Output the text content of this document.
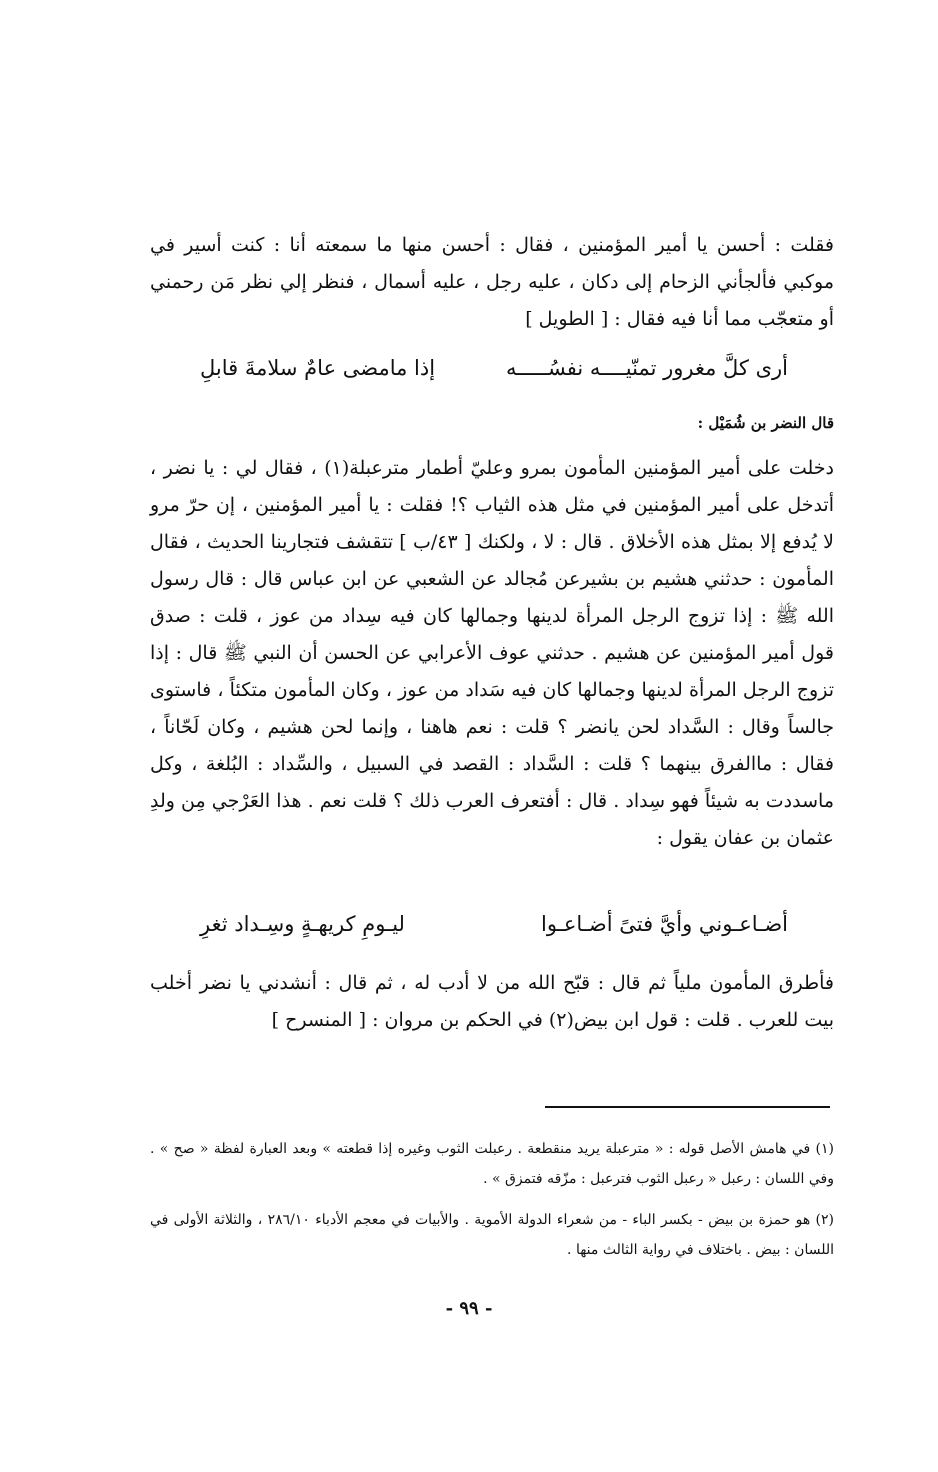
فقلت : أحسن يا أمير المؤمنين ، فقال : أحسن منها ما سمعته أنا : كنت أسير في موكبي فألجأني الزحام إلى دكان ، عليه رجل ، عليه أسمال ، فنظر إلي نظر مَن رحمني أو متعجّب مما أنا فيه فقال : [ الطويل ]
أرى كلَّ مغرور تمنّيــــه نفسُـــــه
إذا مامضى عامٌ سلامةَ قابلِ
قال النضر بن شُمَيْل :
دخلت على أمير المؤمنين المأمون بمرو وعليّ أطمار مترعبلة(١) ، فقال لي : يا نضر ، أتدخل على أمير المؤمنين في مثل هذه الثياب ؟! فقلت : يا أمير المؤمنين ، إن حرّ مرو لا يُدفع إلا بمثل هذه الأخلاق . قال : لا ، ولكنك [ ٤٣/ب ] تتقشف فتجارينا الحديث ، فقال المأمون : حدثني هشيم بن بشيرعن مُجالد عن الشعبي عن ابن عباس قال : قال رسول الله ﷺ : إذا تزوج الرجل المرأة لدينها وجمالها كان فيه سِداد من عوز ، قلت : صدق قول أمير المؤمنين عن هشيم . حدثني عوف الأعرابي عن الحسن أن النبي ﷺ قال : إذا تزوج الرجل المرأة لدينها وجمالها كان فيه سَداد من عوز ، وكان المأمون متكئاً ، فاستوى جالساً وقال : السَّداد لحن يانضر ؟ قلت : نعم هاهنا ، وإنما لحن هشيم ، وكان لَحّاناً ، فقال : ماالفرق بينهما ؟ قلت : السَّداد : القصد في السبيل ، والسِّداد : البُلغة ، وكل ماسددت به شيئاً فهو سِداد . قال : أفتعرف العرب ذلك ؟ قلت نعم . هذا العَرْجي مِن ولدِ عثمان بن عفان يقول :
أضـاعـوني وأيَّ فتىً أضـاعـوا
ليـومِ كريهـةٍ وسِـداد ثغرِ
فأطرق المأمون ملياً ثم قال : قبّح الله من لا أدب له ، ثم قال : أنشدني يا نضر أخلب بيت للعرب . قلت : قول ابن بيض(٢) في الحكم بن مروان : [ المنسرح ]
(١) في هامش الأصل قوله : « مترعبلة يريد منقطعة . رعبلت الثوب وغيره إذا قطعته » وبعد العبارة لفظة « صح » . وفي اللسان : رعبل « رعبل الثوب فترعبل : مزّقه فتمزق » .
(٢) هو حمزة بن بيض - بكسر الباء - من شعراء الدولة الأموية . والأبيات في معجم الأدباء ٢٨٦/١٠ ، والثلاثة الأولى في اللسان : بيض . باختلاف في رواية الثالث منها .
- ٩٩ -
